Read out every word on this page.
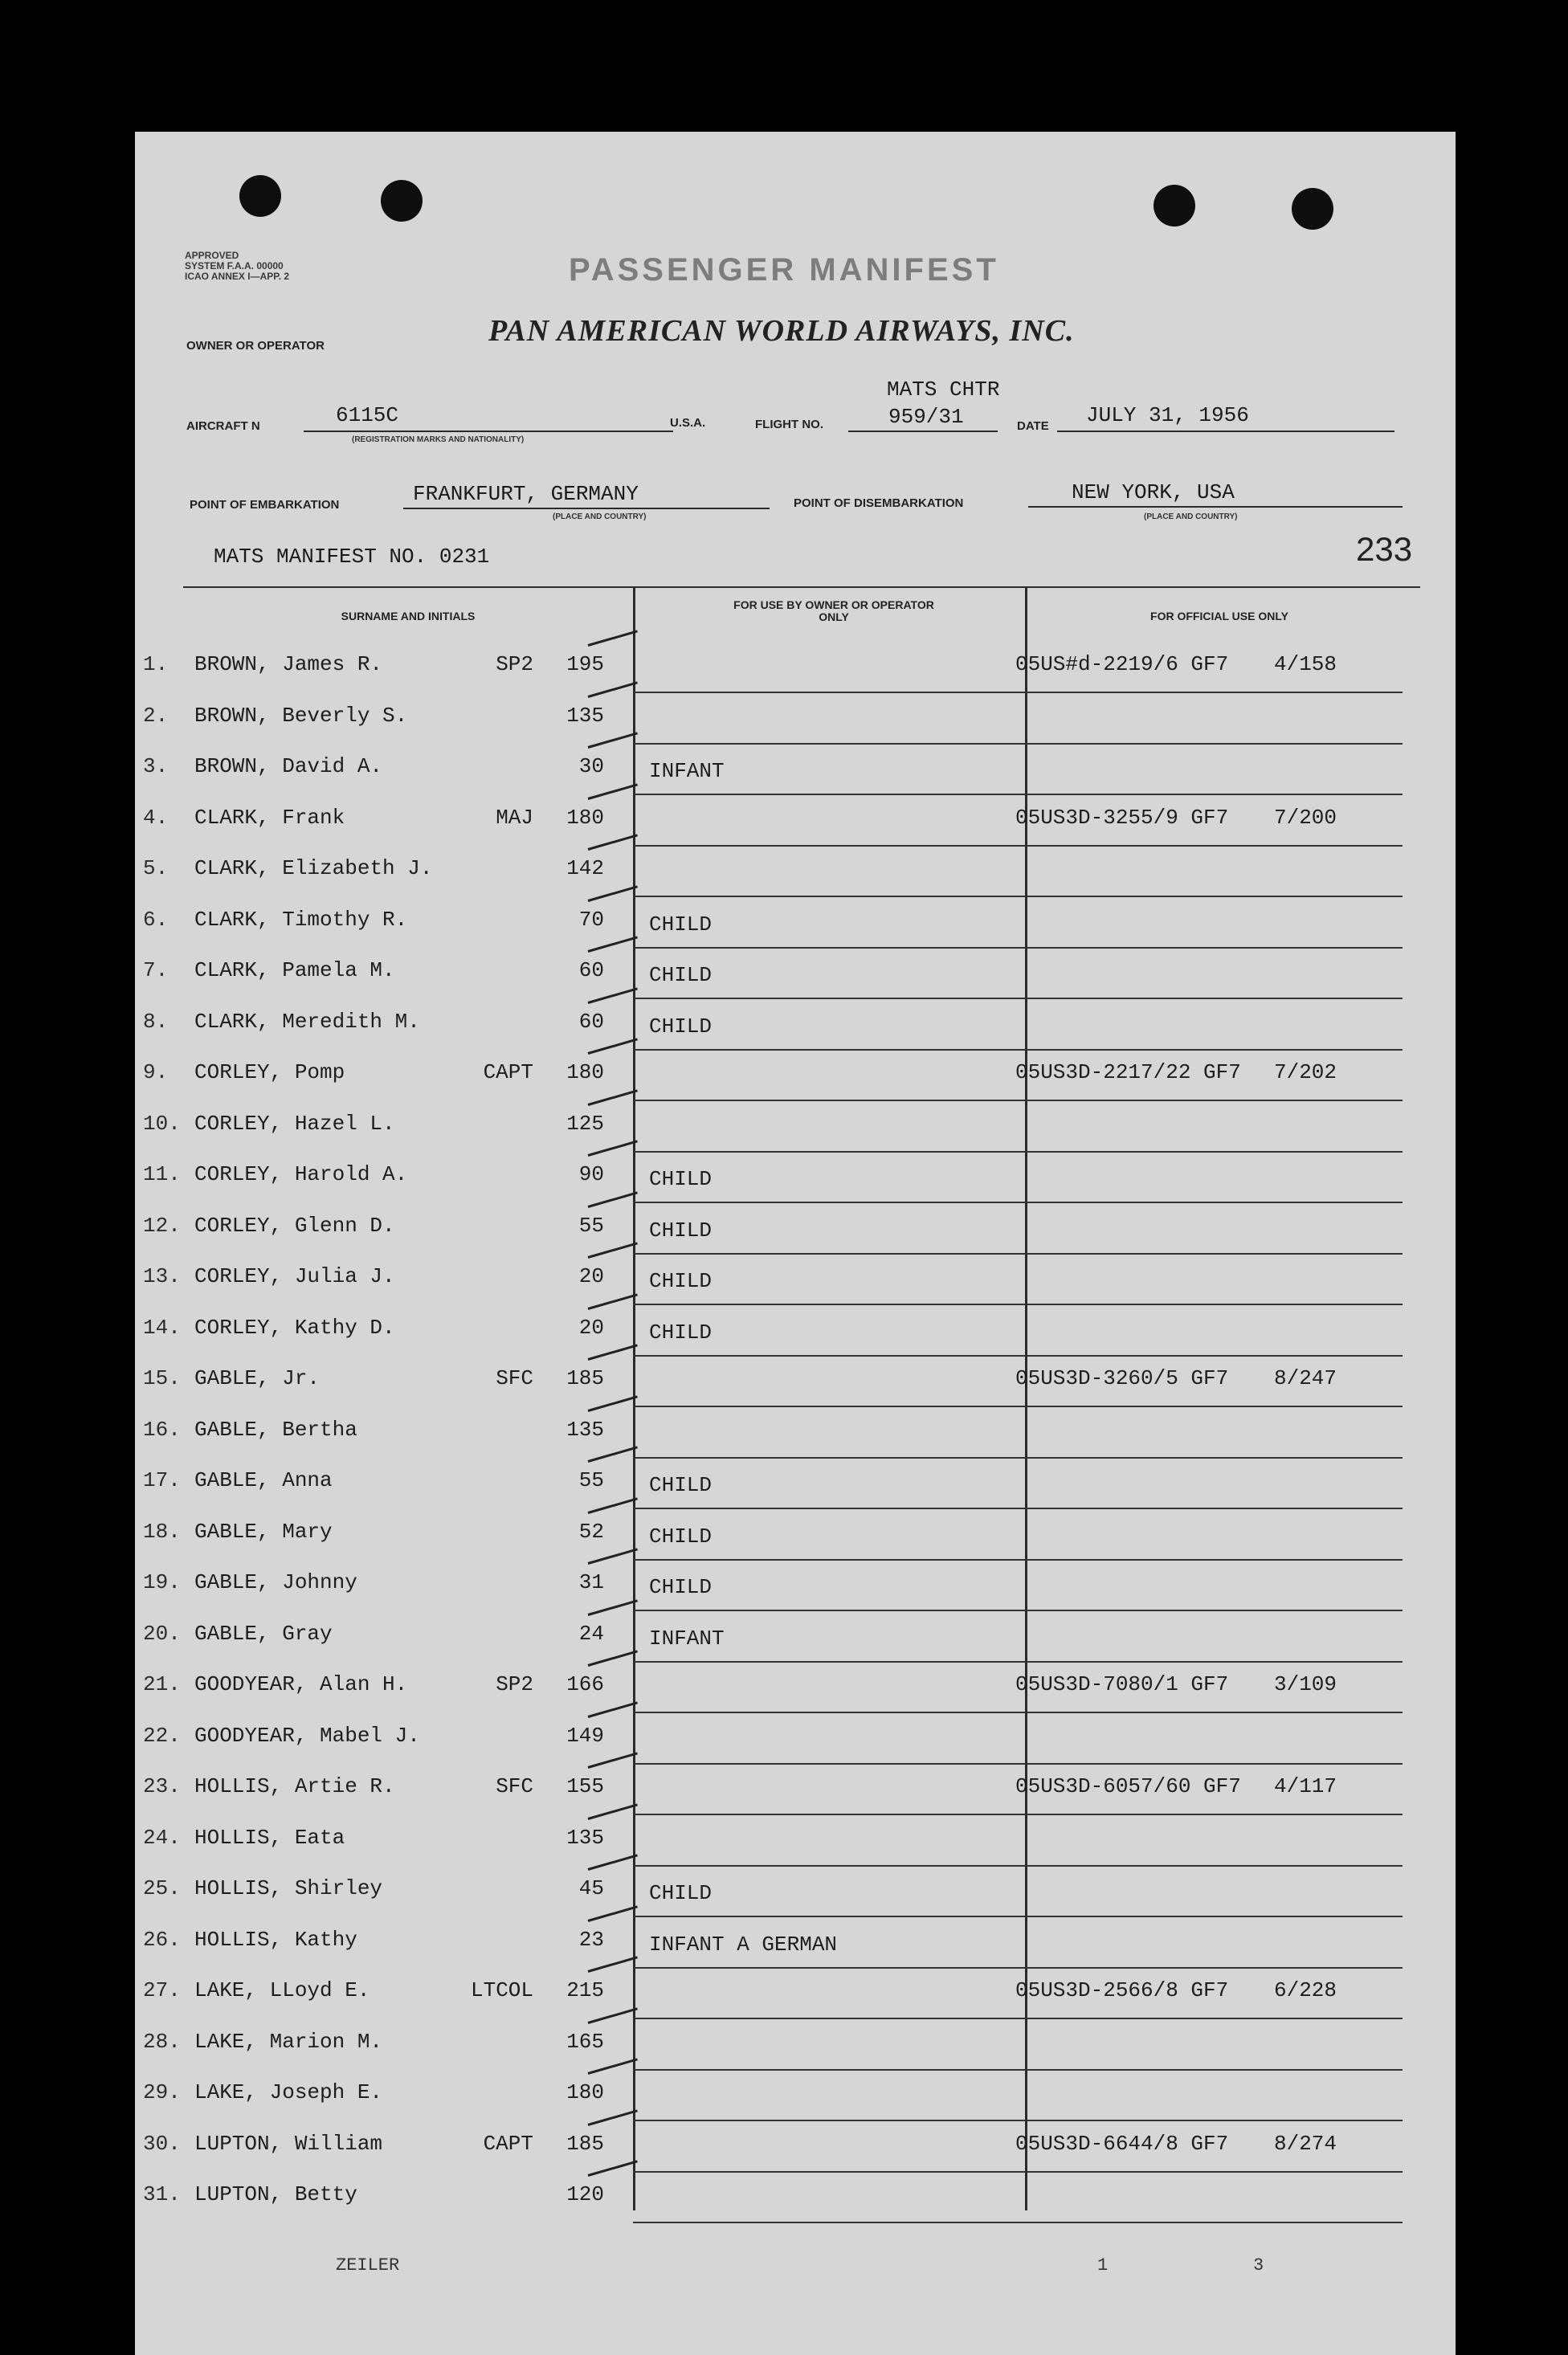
APPROVED
SYSTEM F.A.A. 00000
ICAO ANNEX I—APP. 2	PASSENGER MANIFEST
PAN AMERICAN WORLD AIRWAYS, INC.
OWNER OR OPERATOR
AIRCRAFT N	6115C
(REGISTRATION MARKS AND NATIONALITY)
U.S.A.	FLIGHT NO.
MATS CHTR
959/31	DATE JULY 31, 1956
POINT OF EMBARKATION	FRANKFURT, GERMANY
(PLACE AND COUNTRY)
POINT OF DISEMBARKATION	NEW YORK, USA
(PLACE AND COUNTRY)
MATS MANIFEST NO. 0231	233
SURNAME AND INITIALS
FOR USE BY OWNER OR OPERATOR ONLY	FOR OFFICIAL USE ONLY
1. BROWN, James R.	SP2	195	05US#d-2219/6 GF7	4/158
2. BROWN, Beverly S.	135
3. BROWN, David A.	30 INFANT
4. CLARK, Frank	MAJ	180	05US3D-3255/9 GF7	7/200
5. CLARK, Elizabeth J.	142
6. CLARK, Timothy R.	70 CHILD
7. CLARK, Pamela M.	60 CHILD
8. CLARK, Meredith M.	60 CHILD
9. CORLEY, Pomp	CAPT	180	05US3D-2217/22 GF7	7/202
10. CORLEY, Hazel L.	125
11. CORLEY, Harold A.	90 CHILD
12. CORLEY, Glenn D.	55 CHILD
13. CORLEY, Julia J.	20 CHILD
14. CORLEY, Kathy D.	20 CHILD
15. GABLE, Jr.	SFC	185	05US3D-3260/5 GF7	8/247
16. GABLE, Bertha	135
17. GABLE, Anna	55 CHILD
18. GABLE, Mary	52 CHILD
19. GABLE, Johnny	31 CHILD
20. GABLE, Gray	24 INFANT
21. GOODYEAR, Alan H.	SP2	166	05US3D-7080/1 GF7	3/109
22. GOODYEAR, Mabel J.	149
23. HOLLIS, Artie R.	SFC	155	05US3D-6057/60 GF7	4/117
24. HOLLIS, Eata	135
25. HOLLIS, Shirley	45 CHILD
26. HOLLIS, Kathy	23 INFANT A GERMAN
27. LAKE, LLoyd E.	LTCOL	215	05US3D-2566/8 GF7	6/228
28. LAKE, Marion M.	165
29. LAKE, Joseph E.	180
30. LUPTON, William	CAPT	185	05US3D-6644/8 GF7	8/274
31. LUPTON, Betty	120
ZEILER	1	3
